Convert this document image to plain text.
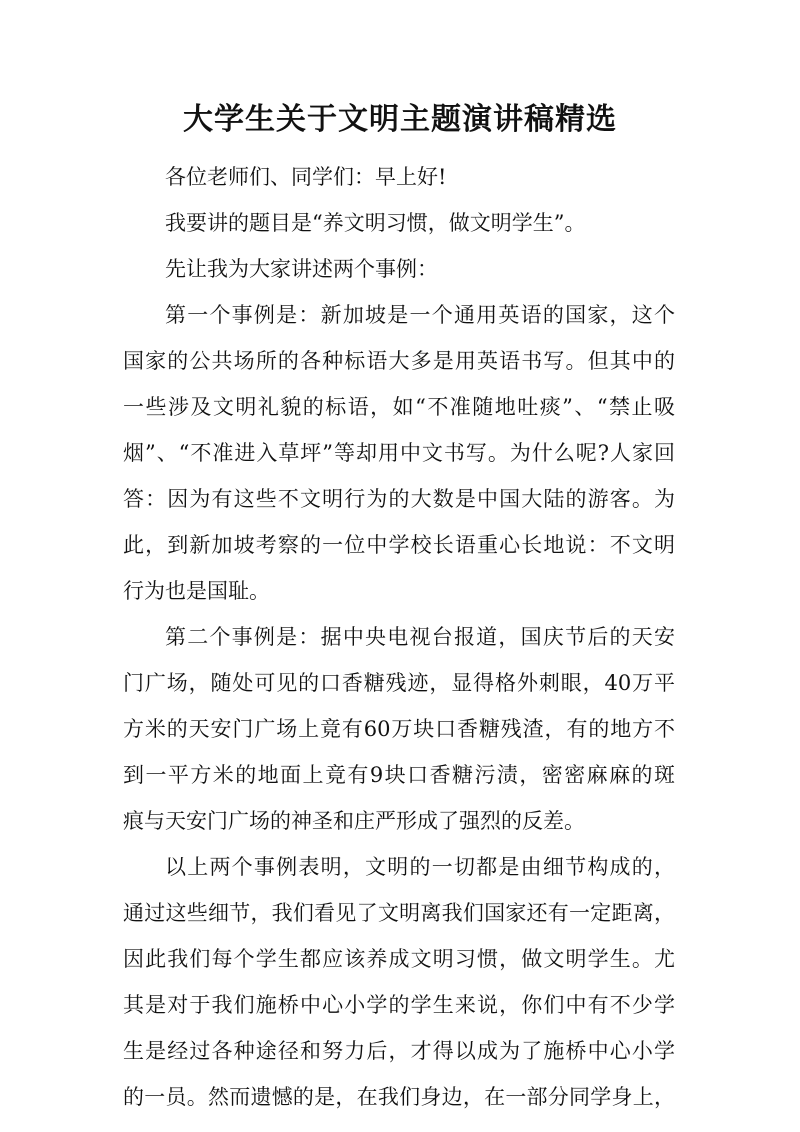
大学生关于文明主题演讲稿精选
各位老师们、同学们：早上好!
我要讲的题目是“养文明习惯，做文明学生”。
先让我为大家讲述两个事例：
第一个事例是：新加坡是一个通用英语的国家，这个
国家的公共场所的各种标语大多是用英语书写。但其中的
一些涉及文明礼貌的标语，如“不准随地吐痰”、“禁止吸
烟”、“不准进入草坪”等却用中文书写。为什么呢?人家回
答：因为有这些不文明行为的大数是中国大陆的游客。为
此，到新加坡考察的一位中学校长语重心长地说：不文明
行为也是国耻。
第二个事例是：据中央电视台报道，国庆节后的天安
门广场，随处可见的口香糖残迹，显得格外刺眼，40万平
方米的天安门广场上竟有60万块口香糖残渣，有的地方不
到一平方米的地面上竟有9块口香糖污渍，密密麻麻的斑
痕与天安门广场的神圣和庄严形成了强烈的反差。
以上两个事例表明，文明的一切都是由细节构成的，
通过这些细节，我们看见了文明离我们国家还有一定距离，
因此我们每个学生都应该养成文明习惯，做文明学生。尤
其是对于我们施桥中心小学的学生来说，你们中有不少学
生是经过各种途径和努力后，才得以成为了施桥中心小学
的一员。然而遗憾的是，在我们身边，在一部分同学身上，
